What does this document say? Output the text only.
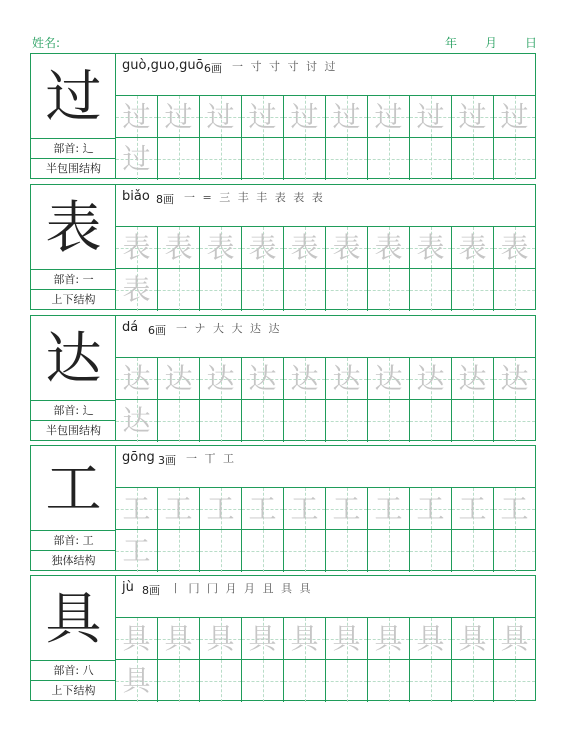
姓名:	年	月	日
过
部首: 辶
半包围结构
guò,guo,guō 6画 一 寸 寸 寸 讨 过
过 过 过 过 过 过 过 过 过 过
过
表
部首: 一
上下结构
biǎo 8画 一 = 三 丰 丰 表 表 表
表 表 表 表 表 表 表 表 表 表
表
达
部首: 辶
半包围结构
dá 6画 一 ナ 大 大 达 达
达 达 达 达 达 达 达 达 达 达
达
工
部首: 工
独体结构
gōng 3画 一 丅 工
工 工 工 工 工 工 工 工 工 工
工
具
部首: 八
上下结构
jù 8画 丨 冂 冂 月 月 且 具 具
具 具 具 具 具 具 具 具 具 具
具
